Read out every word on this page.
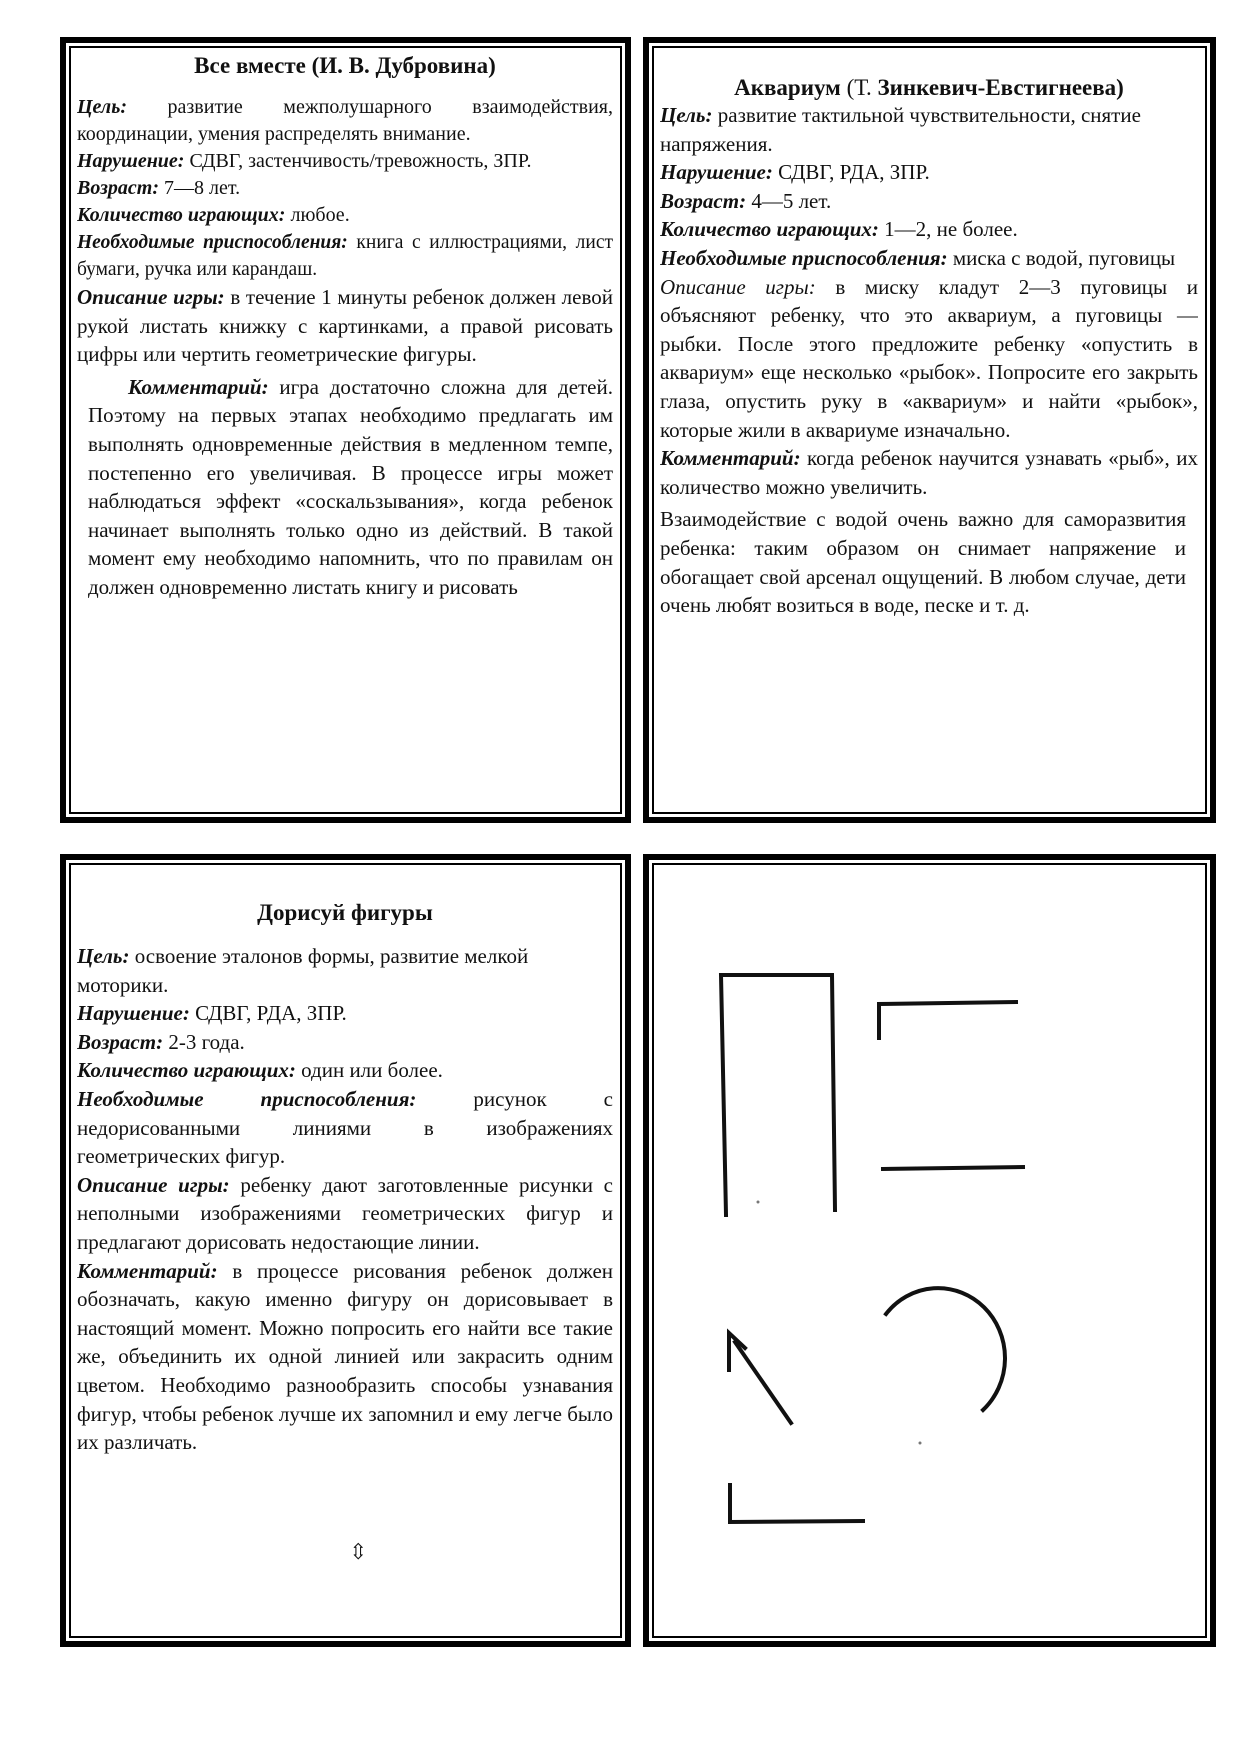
Все вместе (И. В. Дубровина)

Цель: развитие межполушарного взаимодействия, координации, умения распределять внимание.

Нарушение: СДВГ, застенчивость/тревожность, ЗПР.

Возраст: 7—8 лет.

Количество играющих: любое.

Необходимые приспособления: книга с иллюстрациями, лист бумаги, ручка или карандаш.

Описание игры: в течение 1 минуты ребенок должен левой рукой листать книжку с картинками, а правой рисовать цифры или чертить геометрические фигуры.

Комментарий: игра достаточно сложна для детей. Поэтому на первых этапах необходимо предлагать им выполнять одновременные действия в медленном темпе, постепенно его увеличивая. В процессе игры может наблюдаться эффект «соскальзывания», когда ребенок начинает выполнять только одно из действий. В такой момент ему необходимо напомнить, что по правилам он должен одновременно листать книгу и рисовать

Аквариум (Т. Зинкевич-Евстигнеева)

Цель: развитие тактильной чувствительности, снятие напряжения.

Нарушение: СДВГ, РДА, ЗПР.

Возраст: 4—5 лет.

Количество играющих: 1—2, не более.

Необходимые приспособления: миска с водой, пуговицы

Описание игры: в миску кладут 2—3 пуговицы и объясняют ребенку, что это аквариум, а пуговицы — рыбки. После этого предложите ребенку «опустить в аквариум» еще несколько «рыбок». Попросите его закрыть глаза, опустить руку в «аквариум» и найти «рыбок», которые жили в аквариуме изначально.

Комментарий: когда ребенок научится узнавать «рыб», их количество можно увеличить.

Взаимодействие с водой очень важно для саморазвития ребенка: таким образом он снимает напряжение и обогащает свой арсенал ощущений. В любом случае, дети очень любят возиться в воде, песке и т. д.

Дорисуй фигуры

Цель: освоение эталонов формы, развитие мелкой моторики.

Нарушение: СДВГ, РДА, ЗПР.

Возраст: 2-3 года.

Количество играющих: один или более.

Необходимые приспособления: рисунок с недорисованными линиями в изображениях геометрических фигур.

Описание игры: ребенку дают заготовленные рисунки с неполными изображениями геометрических фигур и предлагают дорисовать недостающие линии.

Комментарий: в процессе рисования ребенок должен обозначать, какую именно фигуру он дорисовывает в настоящий момент. Можно попросить его найти все такие же, объединить их одной линией или закрасить одним цветом. Необходимо разнообразить способы узнавания фигур, чтобы ребенок лучше их запомнил и ему легче было их различать.

⇳
